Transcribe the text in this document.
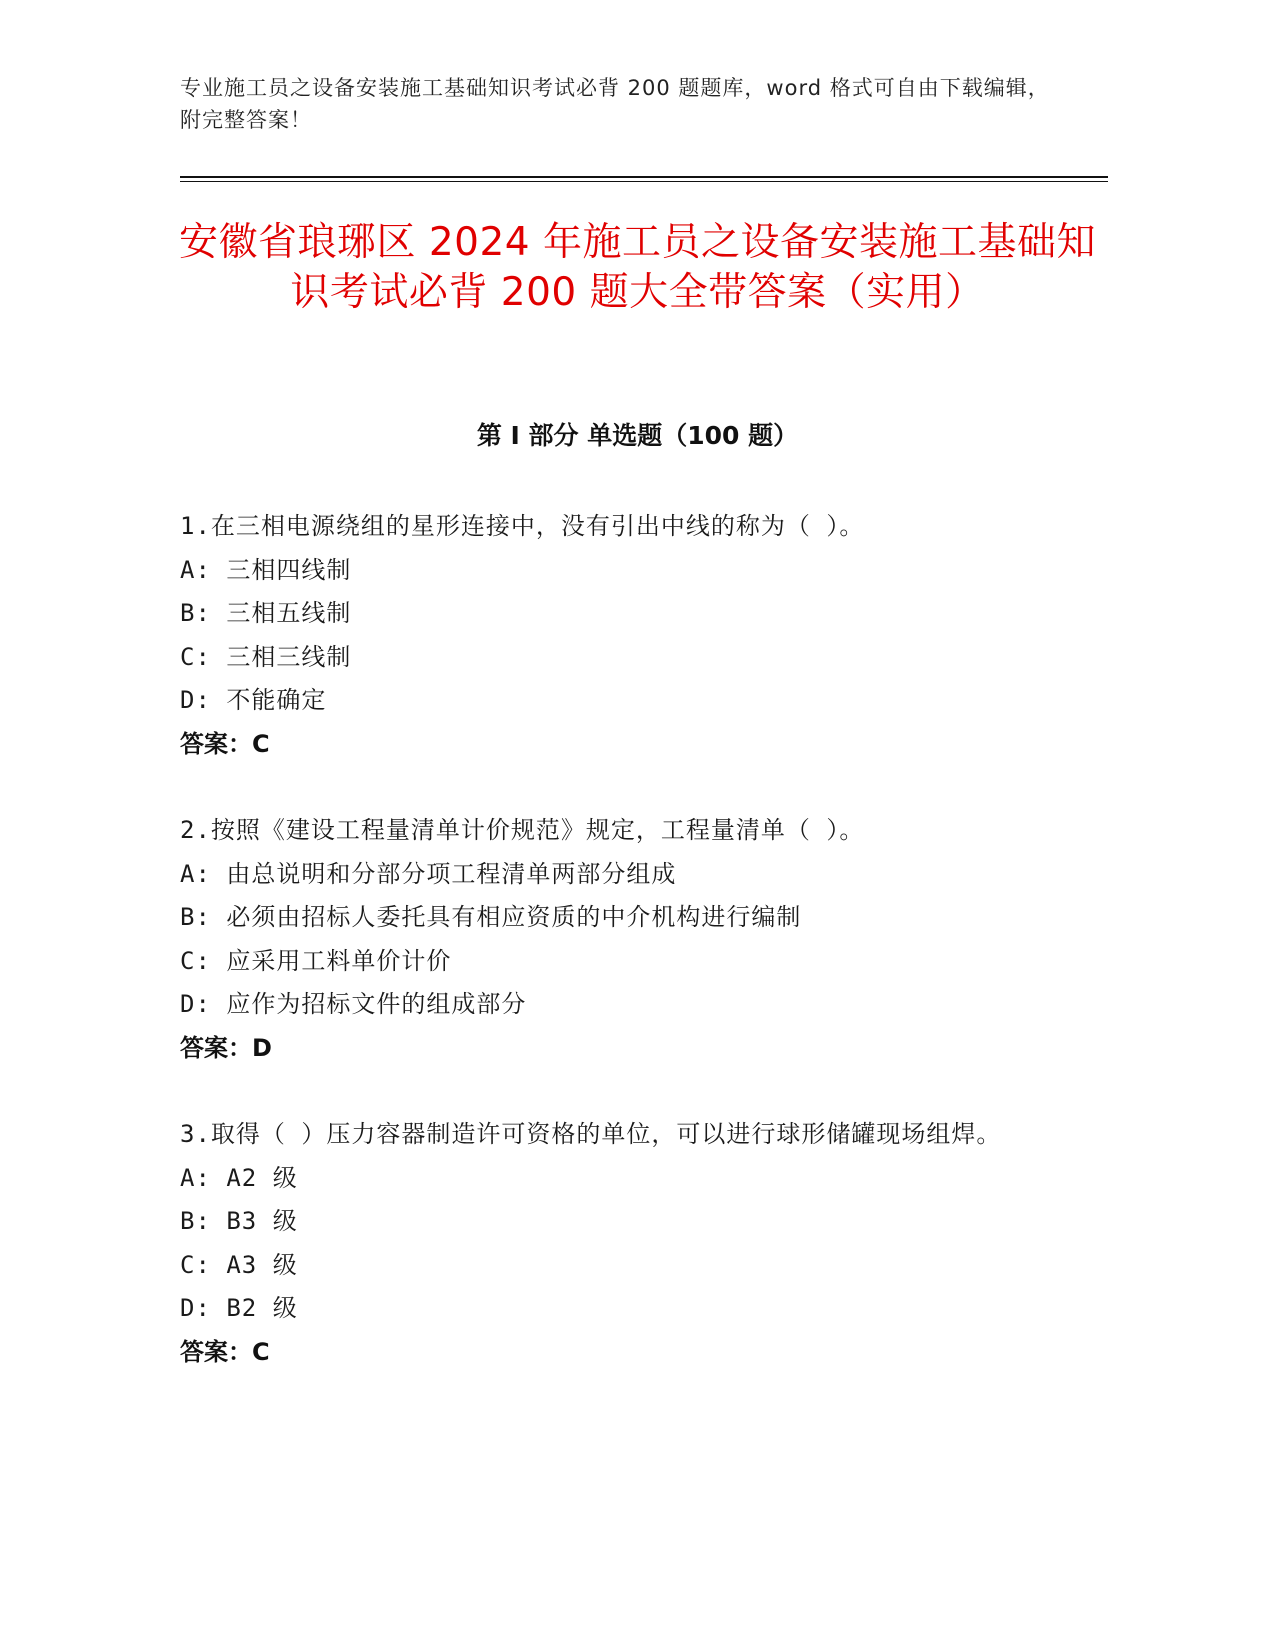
专业施工员之设备安装施工基础知识考试必背 200 题题库，word 格式可自由下载编辑，附完整答案！
安徽省琅琊区 2024 年施工员之设备安装施工基础知识考试必背 200 题大全带答案（实用）
第 I 部分 单选题（100 题）
1.在三相电源绕组的星形连接中，没有引出中线的称为（ ）。
A: 三相四线制
B: 三相五线制
C: 三相三线制
D: 不能确定
答案：C
2.按照《建设工程量清单计价规范》规定，工程量清单（ ）。
A: 由总说明和分部分项工程清单两部分组成
B: 必须由招标人委托具有相应资质的中介机构进行编制
C: 应采用工料单价计价
D: 应作为招标文件的组成部分
答案：D
3.取得（ ）压力容器制造许可资格的单位，可以进行球形储罐现场组焊。
A: A2 级
B: B3 级
C: A3 级
D: B2 级
答案：C
